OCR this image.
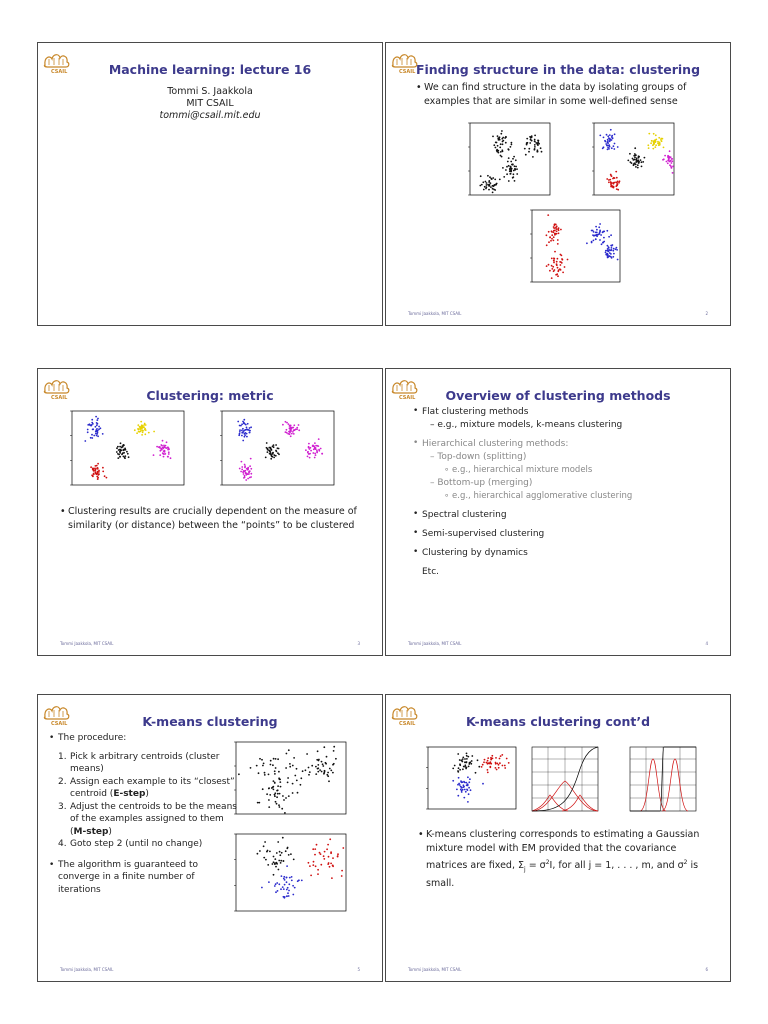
CSAIL	Machine learning: lecture 16
Tommi S. Jaakkola
MIT CSAIL
tommi@csail.mit.edu
CSAIL Finding structure in the data: clustering
• We can find structure in the data by isolating groups of examples that are similar in some well-defined sense
Tommi Jaakkola, MIT CSAIL	2
CSAIL	Clustering: metric
• Clustering results are crucially dependent on the measure of similarity (or distance) between the “points” to be clustered
Tommi Jaakkola, MIT CSAIL	3
CSAIL	Overview of clustering methods
• Flat clustering methods
– e.g., mixture models, k-means clustering
• Hierarchical clustering methods:
– Top-down (splitting)
∘ e.g., hierarchical mixture models
– Bottom-up (merging)
∘ e.g., hierarchical agglomerative clustering
• Spectral clustering
• Semi-supervised clustering
• Clustering by dynamics
Etc.
Tommi Jaakkola, MIT CSAIL	4
CSAIL	K-means clustering
• The procedure:
1. Pick k arbitrary centroids (cluster means)
2. Assign each example to its “closest” centroid (E-step)
3. Adjust the centroids to be the means of the examples assigned to them (M-step)
4. Goto step 2 (until no change)
• The algorithm is guaranteed to converge in a finite number of iterations
Tommi Jaakkola, MIT CSAIL	5
CSAIL	K-means clustering cont’d
• K-means clustering corresponds to estimating a Gaussian mixture model with EM provided that the covariance matrices are fixed, $\Sigma_j = \sigma^2I$, for all j = 1, . . . , m, and $\sigma^2$ is small.
Tommi Jaakkola, MIT CSAIL	6
